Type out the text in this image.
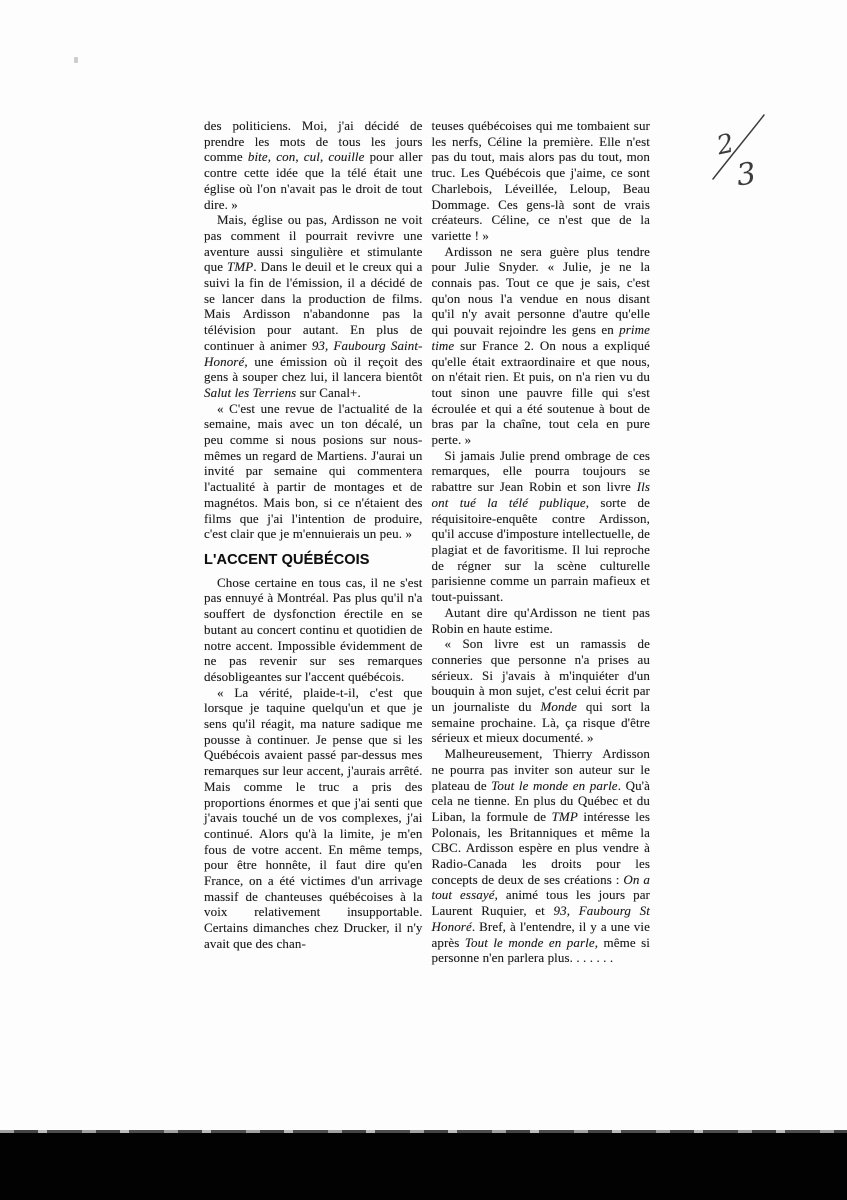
2
3

des politiciens. Moi, j'ai décidé de prendre les mots de tous les jours comme bite, con, cul, couille pour aller contre cette idée que la télé était une église où l'on n'avait pas le droit de tout dire. »

Mais, église ou pas, Ardisson ne voit pas comment il pourrait revivre une aventure aussi singulière et stimulante que TMP. Dans le deuil et le creux qui a suivi la fin de l'émission, il a décidé de se lancer dans la production de films. Mais Ardisson n'abandonne pas la télévision pour autant. En plus de continuer à animer 93, Faubourg Saint-Honoré, une émission où il reçoit des gens à souper chez lui, il lancera bientôt Salut les Terriens sur Canal+.

« C'est une revue de l'actualité de la semaine, mais avec un ton décalé, un peu comme si nous posions sur nous-mêmes un regard de Martiens. J'aurai un invité par semaine qui commentera l'actualité à partir de montages et de magnétos. Mais bon, si ce n'étaient des films que j'ai l'intention de produire, c'est clair que je m'ennuierais un peu. »

L'ACCENT QUÉBÉCOIS

Chose certaine en tous cas, il ne s'est pas ennuyé à Montréal. Pas plus qu'il n'a souffert de dysfonction érectile en se butant au concert continu et quotidien de notre accent. Impossible évidemment de ne pas revenir sur ses remarques désobligeantes sur l'accent québécois.

« La vérité, plaide-t-il, c'est que lorsque je taquine quelqu'un et que je sens qu'il réagit, ma nature sadique me pousse à continuer. Je pense que si les Québécois avaient passé par-dessus mes remarques sur leur accent, j'aurais arrêté. Mais comme le truc a pris des proportions énormes et que j'ai senti que j'avais touché un de vos complexes, j'ai continué. Alors qu'à la limite, je m'en fous de votre accent. En même temps, pour être honnête, il faut dire qu'en France, on a été victimes d'un arrivage massif de chanteuses québécoises à la voix relativement insupportable. Certains dimanches chez Drucker, il n'y avait que des chan-

teuses québécoises qui me tombaient sur les nerfs, Céline la première. Elle n'est pas du tout, mais alors pas du tout, mon truc. Les Québécois que j'aime, ce sont Charlebois, Léveillée, Leloup, Beau Dommage. Ces gens-là sont de vrais créateurs. Céline, ce n'est que de la variette ! »

Ardisson ne sera guère plus tendre pour Julie Snyder. « Julie, je ne la connais pas. Tout ce que je sais, c'est qu'on nous l'a vendue en nous disant qu'il n'y avait personne d'autre qu'elle qui pouvait rejoindre les gens en prime time sur France 2. On nous a expliqué qu'elle était extraordinaire et que nous, on n'était rien. Et puis, on n'a rien vu du tout sinon une pauvre fille qui s'est écroulée et qui a été soutenue à bout de bras par la chaîne, tout cela en pure perte. »

Si jamais Julie prend ombrage de ces remarques, elle pourra toujours se rabattre sur Jean Robin et son livre Ils ont tué la télé publique, sorte de réquisitoire-enquête contre Ardisson, qu'il accuse d'imposture intellectuelle, de plagiat et de favoritisme. Il lui reproche de régner sur la scène culturelle parisienne comme un parrain mafieux et tout-puissant.

Autant dire qu'Ardisson ne tient pas Robin en haute estime.

« Son livre est un ramassis de conneries que personne n'a prises au sérieux. Si j'avais à m'inquiéter d'un bouquin à mon sujet, c'est celui écrit par un journaliste du Monde qui sort la semaine prochaine. Là, ça risque d'être sérieux et mieux documenté. »

Malheureusement, Thierry Ardisson ne pourra pas inviter son auteur sur le plateau de Tout le monde en parle. Qu'à cela ne tienne. En plus du Québec et du Liban, la formule de TMP intéresse les Polonais, les Britanniques et même la CBC. Ardisson espère en plus vendre à Radio-Canada les droits pour les concepts de deux de ses créations : On a tout essayé, animé tous les jours par Laurent Ruquier, et 93, Faubourg St Honoré. Bref, à l'entendre, il y a une vie après Tout le monde en parle, même si personne n'en parlera plus. . . . . . .
